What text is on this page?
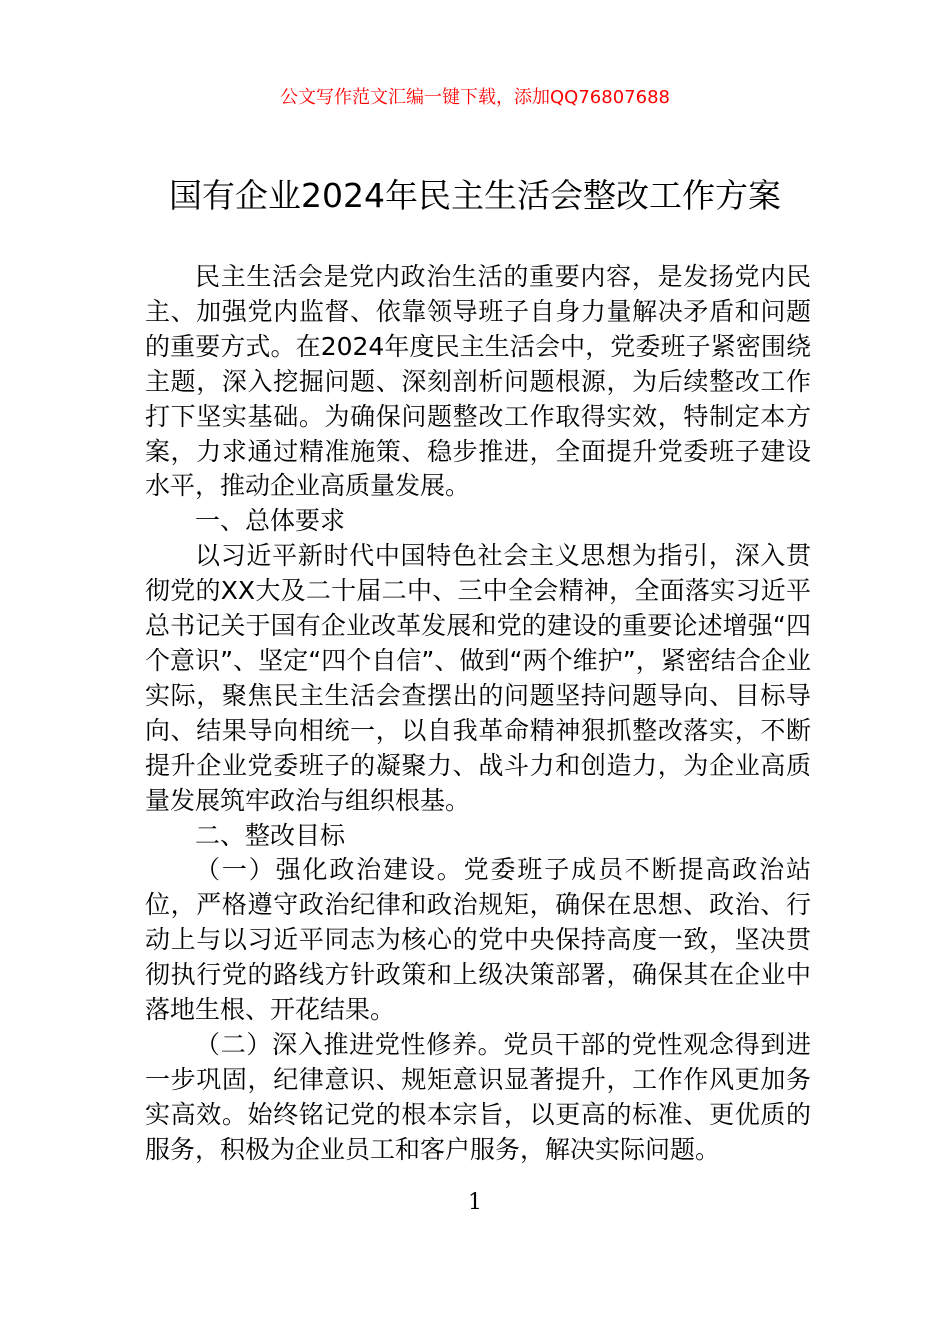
公文写作范文汇编一键下载，添加QQ76807688
国有企业2024年民主生活会整改工作方案

民主生活会是党内政治生活的重要内容，是发扬党内民主、加强党内监督、依靠领导班子自身力量解决矛盾和问题的重要方式。在2024年度民主生活会中，党委班子紧密围绕主题，深入挖掘问题、深刻剖析问题根源，为后续整改工作打下坚实基础。为确保问题整改工作取得实效，特制定本方案，力求通过精准施策、稳步推进，全面提升党委班子建设水平，推动企业高质量发展。

一、总体要求

以习近平新时代中国特色社会主义思想为指引，深入贯彻党的XX大及二十届二中、三中全会精神，全面落实习近平总书记关于国有企业改革发展和党的建设的重要论述增强“四个意识”、坚定“四个自信”、做到“两个维护”，紧密结合企业实际，聚焦民主生活会查摆出的问题坚持问题导向、目标导向、结果导向相统一，以自我革命精神狠抓整改落实，不断提升企业党委班子的凝聚力、战斗力和创造力，为企业高质量发展筑牢政治与组织根基。

二、整改目标

（一）强化政治建设。党委班子成员不断提高政治站位，严格遵守政治纪律和政治规矩，确保在思想、政治、行动上与以习近平同志为核心的党中央保持高度一致，坚决贯彻执行党的路线方针政策和上级决策部署，确保其在企业中落地生根、开花结果。

（二）深入推进党性修养。党员干部的党性观念得到进一步巩固，纪律意识、规矩意识显著提升，工作作风更加务实高效。始终铭记党的根本宗旨，以更高的标准、更优质的服务，积极为企业员工和客户服务，解决实际问题。

1
